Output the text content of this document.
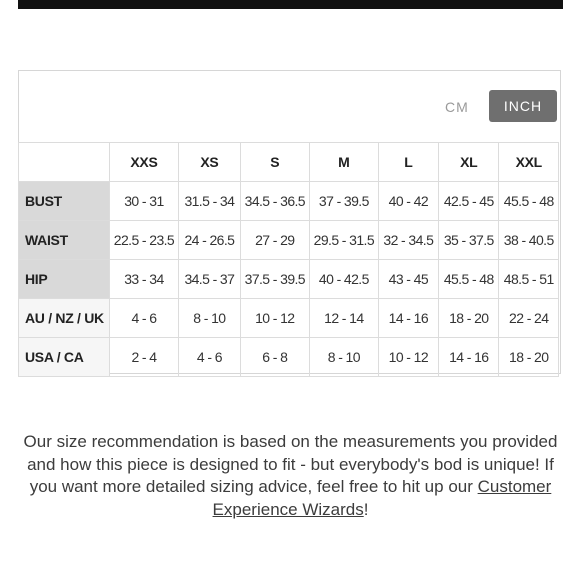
CM	INCH
	XXS	XS	S	M	L	XL	XXL
BUST	30 - 31	31.5 - 34	34.5 - 36.5	37 - 39.5	40 - 42	42.5 - 45	45.5 - 48
WAIST	22.5 - 23.5	24 - 26.5	27 - 29	29.5 - 31.5	32 - 34.5	35 - 37.5	38 - 40.5
HIP	33 - 34	34.5 - 37	37.5 - 39.5	40 - 42.5	43 - 45	45.5 - 48	48.5 - 51
AU / NZ / UK	4 - 6	8 - 10	10 - 12	12 - 14	14 - 16	18 - 20	22 - 24
USA / CA	2 - 4	4 - 6	6 - 8	8 - 10	10 - 12	14 - 16	18 - 20

Our size recommendation is based on the measurements you provided and how this piece is designed to fit - but everybody's bod is unique! If you want more detailed sizing advice, feel free to hit up our Customer Experience Wizards!
